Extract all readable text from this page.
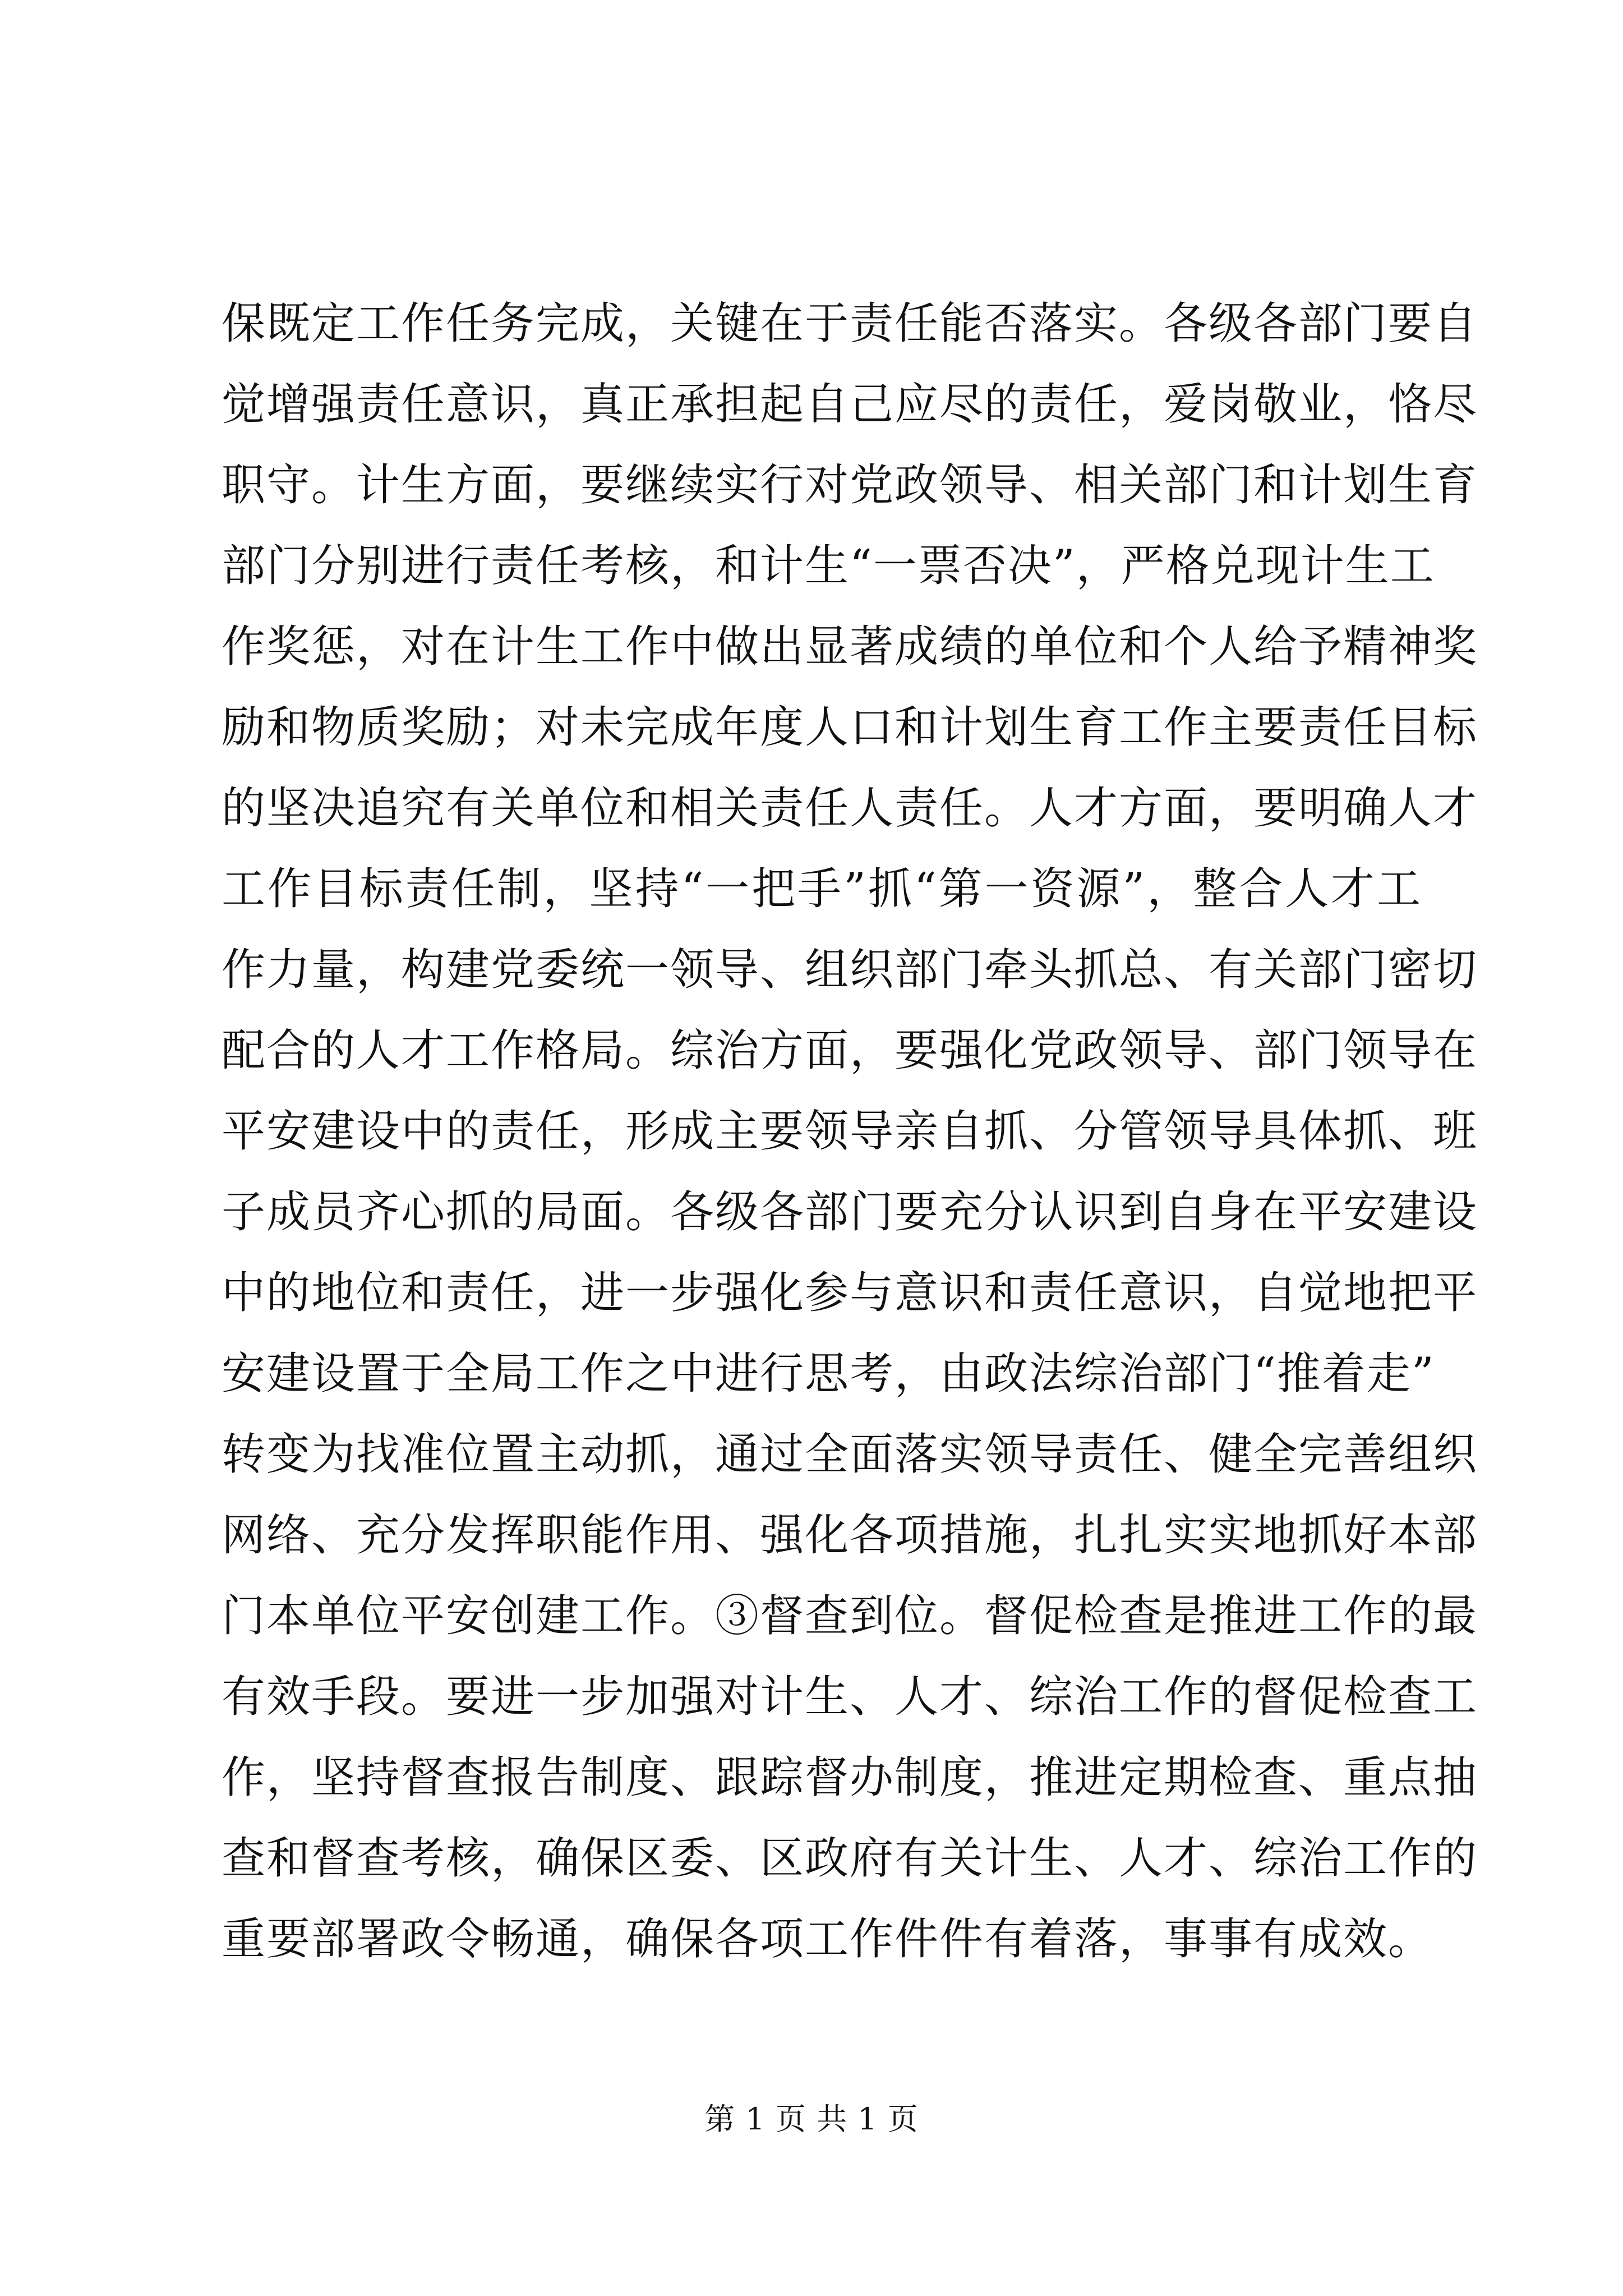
保既定工作任务完成，关键在于责任能否落实。各级各部门要自
觉增强责任意识，真正承担起自己应尽的责任，爱岗敬业，恪尽
职守。计生方面，要继续实行对党政领导、相关部门和计划生育
部门分别进行责任考核，和计生“一票否决”，严格兑现计生工
作奖惩，对在计生工作中做出显著成绩的单位和个人给予精神奖
励和物质奖励；对未完成年度人口和计划生育工作主要责任目标
的坚决追究有关单位和相关责任人责任。人才方面，要明确人才
工作目标责任制，坚持“一把手”抓“第一资源”，整合人才工
作力量，构建党委统一领导、组织部门牵头抓总、有关部门密切
配合的人才工作格局。综治方面，要强化党政领导、部门领导在
平安建设中的责任，形成主要领导亲自抓、分管领导具体抓、班
子成员齐心抓的局面。各级各部门要充分认识到自身在平安建设
中的地位和责任，进一步强化参与意识和责任意识，自觉地把平
安建设置于全局工作之中进行思考，由政法综治部门“推着走”
转变为找准位置主动抓，通过全面落实领导责任、健全完善组织
网络、充分发挥职能作用、强化各项措施，扎扎实实地抓好本部
门本单位平安创建工作。③督查到位。督促检查是推进工作的最
有效手段。要进一步加强对计生、人才、综治工作的督促检查工
作，坚持督查报告制度、跟踪督办制度，推进定期检查、重点抽
查和督查考核，确保区委、区政府有关计生、人才、综治工作的
重要部署政令畅通，确保各项工作件件有着落，事事有成效。
第 1 页 共 1 页
